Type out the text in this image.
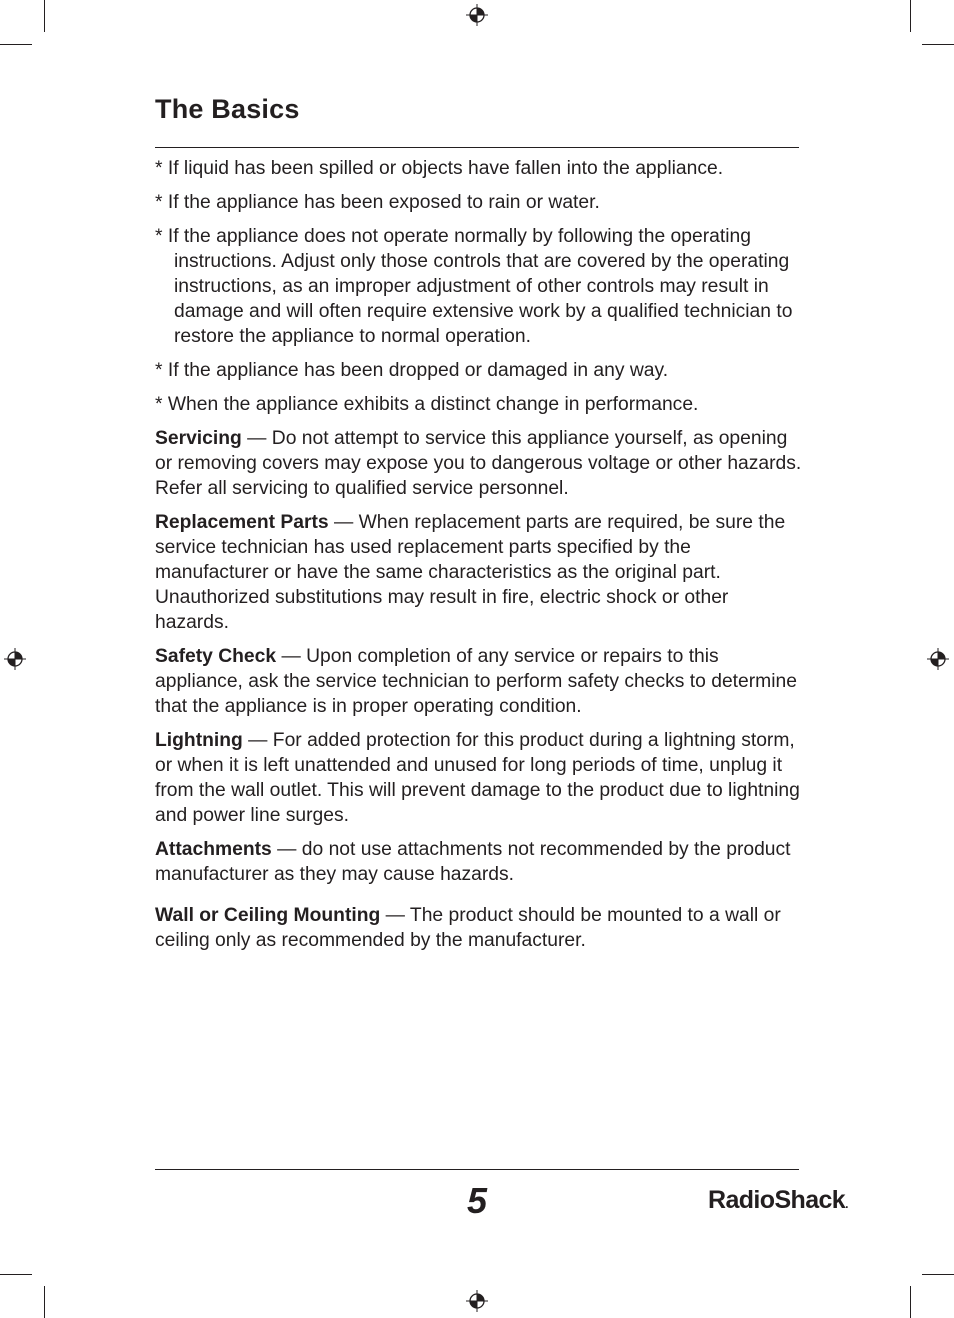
The Basics

* If liquid has been spilled or objects have fallen into the appliance.

* If the appliance has been exposed to rain or water.

* If the appliance does not operate normally by following the operating instructions. Adjust only those controls that are covered by the operating instructions, as an improper adjustment of other controls may result in damage and will often require extensive work by a qualified technician to restore the appliance to normal operation.

* If the appliance has been dropped or damaged in any way.

* When the appliance exhibits a distinct change in performance.

Servicing — Do not attempt to service this appliance yourself, as opening or removing covers may expose you to dangerous voltage or other hazards. Refer all servicing to qualified service personnel.

Replacement Parts — When replacement parts are required, be sure the service technician has used replacement parts specified by the manufacturer or have the same characteristics as the original part. Unauthorized substitutions may result in fire, electric shock or other hazards.

Safety Check — Upon completion of any service or repairs to this appliance, ask the service technician to perform safety checks to determine that the appliance is in proper operating condition.

Lightning — For added protection for this product during a lightning storm, or when it is left unattended and unused for long periods of time, unplug it from the wall outlet. This will prevent damage to the product due to lightning and power line surges.

Attachments — do not use attachments not recommended by the product manufacturer as they may cause hazards.

Wall or Ceiling Mounting — The product should be mounted to a wall or ceiling only as recommended by the manufacturer.

5	RadioShack.
